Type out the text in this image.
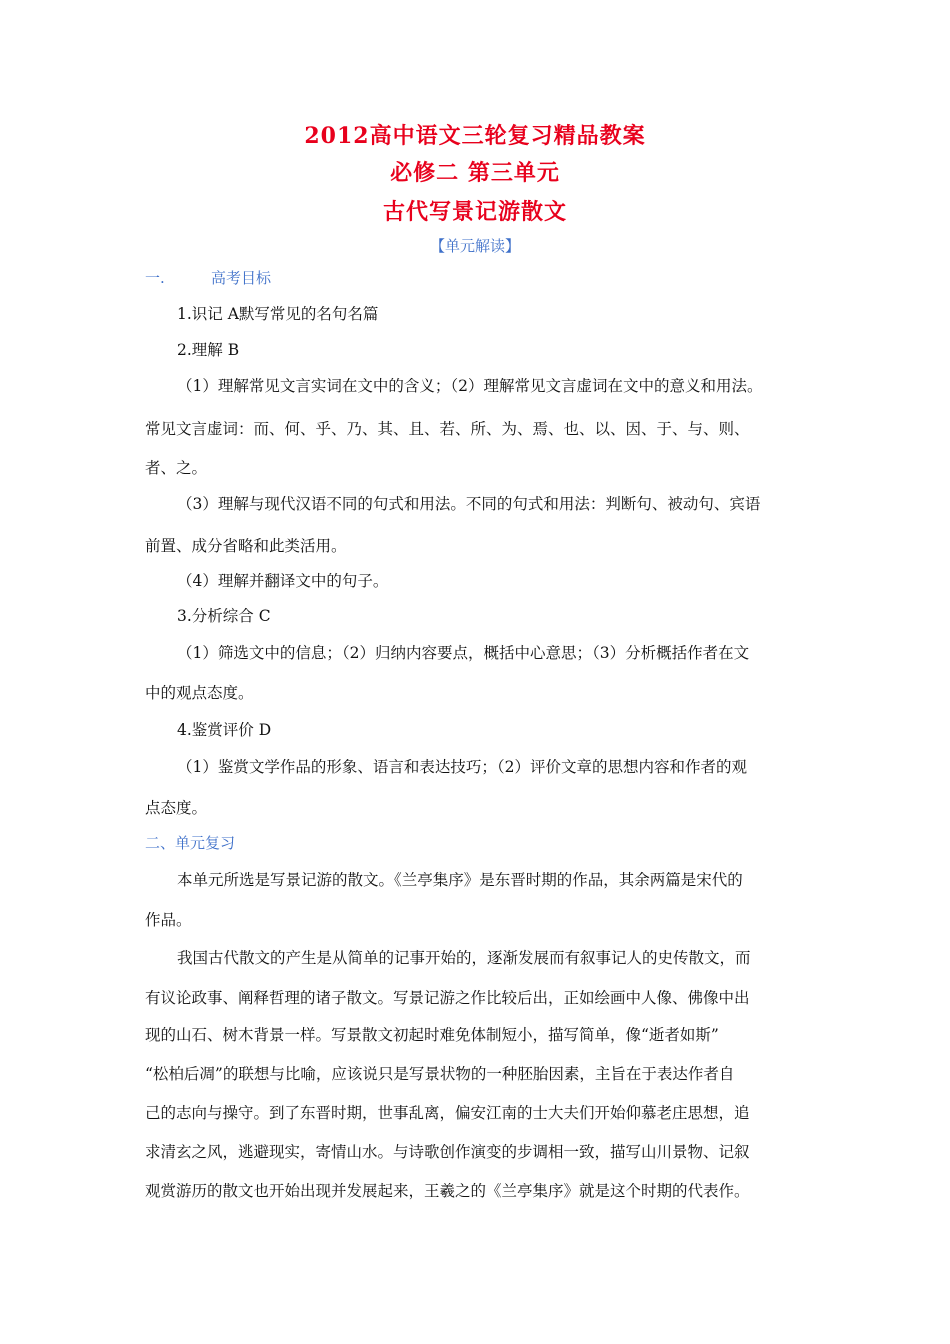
2012高中语文三轮复习精品教案
必修二 第三单元
古代写景记游散文

【单元解读】

一.	高考目标

1.识记 A默写常见的名句名篇

2.理解 B

（1）理解常见文言实词在文中的含义；（2）理解常见文言虚词在文中的意义和用法。

常见文言虚词：而、何、乎、乃、其、且、若、所、为、焉、也、以、因、于、与、则、

者、之。

（3）理解与现代汉语不同的句式和用法。不同的句式和用法：判断句、被动句、宾语

前置、成分省略和此类活用。

（4）理解并翻译文中的句子。

3.分析综合 C

（1）筛选文中的信息；（2）归纳内容要点，概括中心意思；（3）分析概括作者在文

中的观点态度。

4.鉴赏评价 D

（1）鉴赏文学作品的形象、语言和表达技巧；（2）评价文章的思想内容和作者的观

点态度。

二、单元复习

本单元所选是写景记游的散文。《兰亭集序》是东晋时期的作品，其余两篇是宋代的

作品。

我国古代散文的产生是从简单的记事开始的，逐渐发展而有叙事记人的史传散文，而

有议论政事、阐释哲理的诸子散文。写景记游之作比较后出，正如绘画中人像、佛像中出

现的山石、树木背景一样。写景散文初起时难免体制短小，描写简单，像“逝者如斯”

“松柏后凋”的联想与比喻，应该说只是写景状物的一种胚胎因素，主旨在于表达作者自

己的志向与操守。到了东晋时期，世事乱离，偏安江南的士大夫们开始仰慕老庄思想，追

求清玄之风，逃避现实，寄情山水。与诗歌创作演变的步调相一致，描写山川景物、记叙

观赏游历的散文也开始出现并发展起来，王羲之的《兰亭集序》就是这个时期的代表作。
